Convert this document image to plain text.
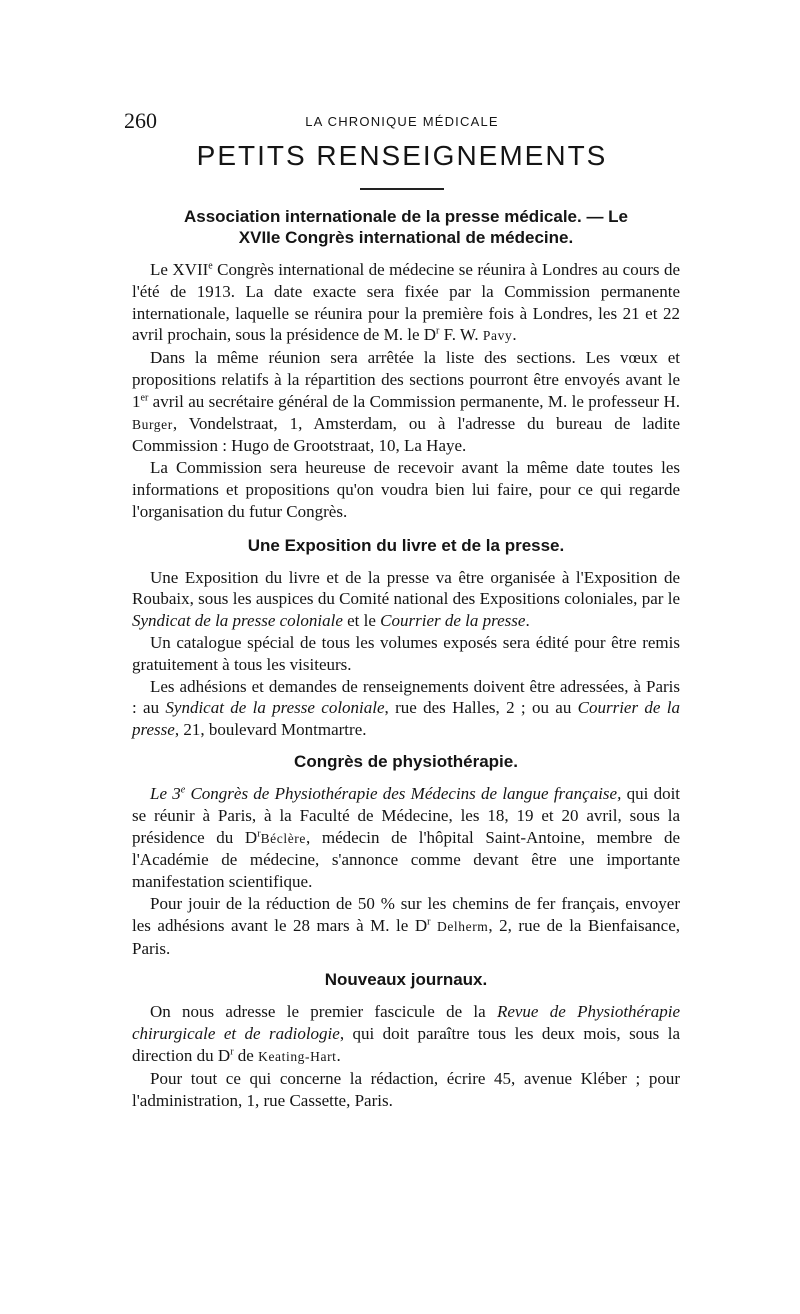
260	LA CHRONIQUE MÉDICALE
PETITS RENSEIGNEMENTS
Association internationale de la presse médicale. — Le
XVIIe Congrès international de médecine.

Le XVIIe Congrès international de médecine se réunira à Londres au cours de l'été de 1913. La date exacte sera fixée par la Commission permanente internationale, laquelle se réunira pour la première fois à Londres, les 21 et 22 avril prochain, sous la présidence de M. le $D^r$ F. W. Pavy.

Dans la même réunion sera arrêtée la liste des sections. Les vœux et propositions relatifs à la répartition des sections pourront être envoyés avant le 1er avril au secrétaire général de la Commission permanente, M. le professeur H. Burger, Vondelstraat, 1, Amsterdam, ou à l'adresse du bureau de ladite Commission : Hugo de Grootstraat, 10, La Haye.

La Commission sera heureuse de recevoir avant la même date toutes les informations et propositions qu'on voudra bien lui faire, pour ce qui regarde l'organisation du futur Congrès.

Une Exposition du livre et de la presse.

Une Exposition du livre et de la presse va être organisée à l'Exposition de Roubaix, sous les auspices du Comité national des Expositions coloniales, par le Syndicat de la presse coloniale et le Courrier de la presse.

Un catalogue spécial de tous les volumes exposés sera édité pour être remis gratuitement à tous les visiteurs.

Les adhésions et demandes de renseignements doivent être adressées, à Paris : au Syndicat de la presse coloniale, rue des Halles, 2 ; ou au Courrier de la presse, 21, boulevard Montmartre.

Congrès de physiothérapie.

Le 3e Congrès de Physiothérapie des Médecins de langue française, qui doit se réunir à Paris, à la Faculté de Médecine, les 18, 19 et 20 avril, sous la présidence du $D^rBéclère$, médecin de l'hôpital Saint-Antoine, membre de l'Académie de médecine, s'annonce comme devant être une importante manifestation scientifique.

Pour jouir de la réduction de 50 % sur les chemins de fer français, envoyer les adhésions avant le 28 mars à M. le $D^r$ Delherm, 2, rue de la Bienfaisance, Paris.

Nouveaux journaux.

On nous adresse le premier fascicule de la Revue de Physiothérapie chirurgicale et de radiologie, qui doit paraître tous les deux mois, sous la direction du $D^r$ de Keating-Hart.

Pour tout ce qui concerne la rédaction, écrire 45, avenue Kléber ; pour l'administration, 1, rue Cassette, Paris.
